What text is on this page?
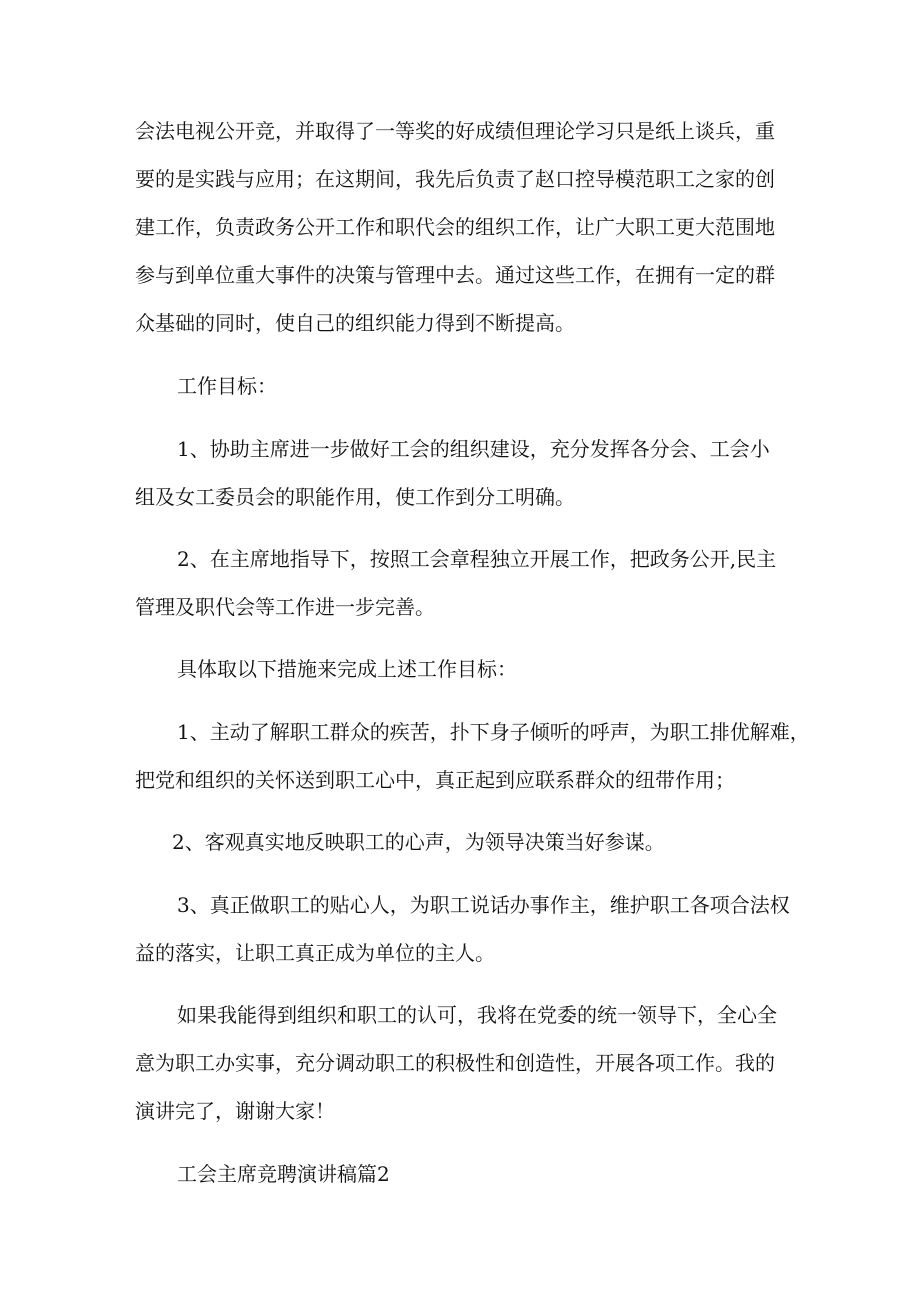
会法电视公开竞，并取得了一等奖的好成绩但理论学习只是纸上谈兵，重
要的是实践与应用；在这期间，我先后负责了赵口控导模范职工之家的创
建工作，负责政务公开工作和职代会的组织工作，让广大职工更大范围地
参与到单位重大事件的决策与管理中去。通过这些工作，在拥有一定的群
众基础的同时，使自己的组织能力得到不断提高。
工作目标：
1、协助主席进一步做好工会的组织建设，充分发挥各分会、工会小
组及女工委员会的职能作用，使工作到分工明确。
2、在主席地指导下，按照工会章程独立开展工作，把政务公开,民主
管理及职代会等工作进一步完善。
具体取以下措施来完成上述工作目标：
1、主动了解职工群众的疾苦，扑下身子倾听的呼声，为职工排优解难，
把党和组织的关怀送到职工心中，真正起到应联系群众的纽带作用；
2、客观真实地反映职工的心声，为领导决策当好参谋。
3、真正做职工的贴心人，为职工说话办事作主，维护职工各项合法权
益的落实，让职工真正成为单位的主人。
如果我能得到组织和职工的认可，我将在党委的统一领导下，全心全
意为职工办实事，充分调动职工的积极性和创造性，开展各项工作。我的
演讲完了，谢谢大家！
工会主席竞聘演讲稿篇2
